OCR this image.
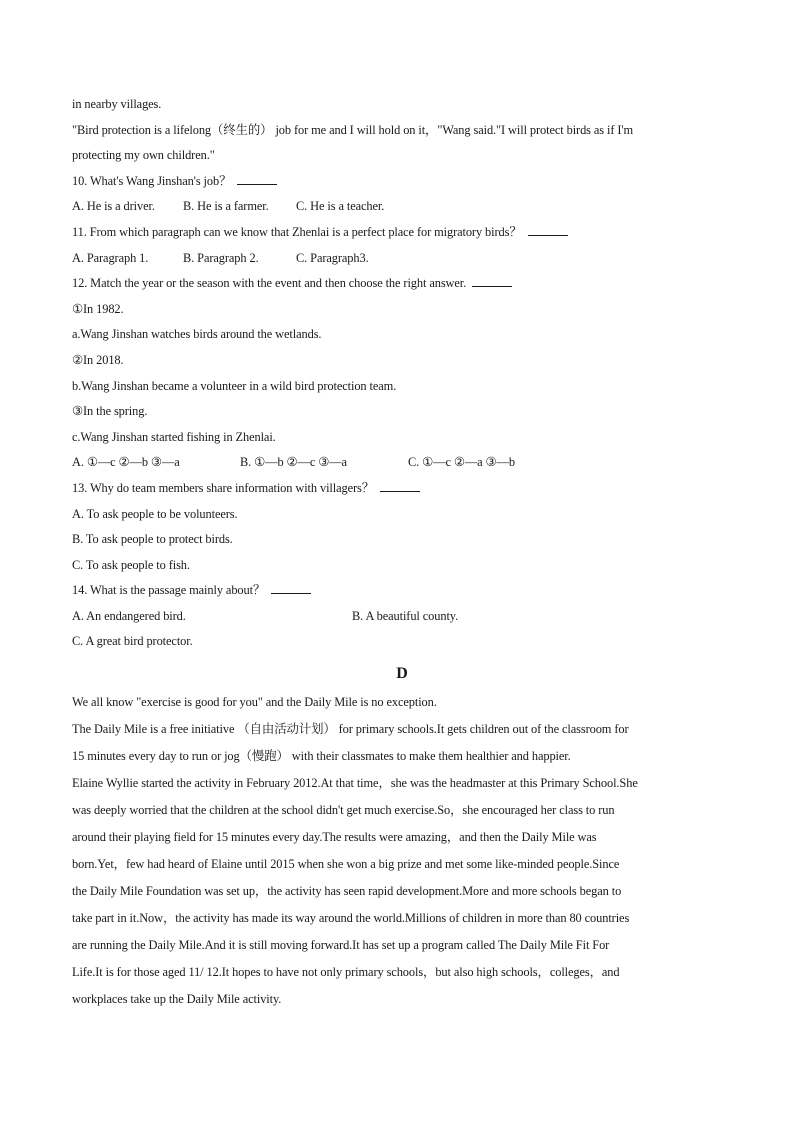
in nearby villages.
"Bird protection is a lifelong（终生的） job for me and I will hold on it，"Wang said."I will protect birds as if I'm
protecting my own children."
10. What's Wang Jinshan's job？
A. He is a driver.	B. He is a farmer.	C. He is a teacher.
11. From which paragraph can we know that Zhenlai is a perfect place for migratory birds？
A. Paragraph 1.	B. Paragraph 2.	C. Paragraph3.
12. Match the year or the season with the event and then choose the right answer.
①In 1982.
a.Wang Jinshan watches birds around the wetlands.
②In 2018.
b.Wang Jinshan became a volunteer in a wild bird protection team.
③In the spring.
c.Wang Jinshan started fishing in Zhenlai.
A. ①—c ②—b ③—a	B. ①—b ②—c ③—a	C. ①—c ②—a ③—b
13. Why do team members share information with villagers？
A. To ask people to be volunteers.
B. To ask people to protect birds.
C. To ask people to fish.
14. What is the passage mainly about？
A. An endangered bird.	B. A beautiful county.
C. A great bird protector.
D
We all know "exercise is good for you" and the Daily Mile is no exception.
The Daily Mile is a free initiative （自由活动计划） for primary schools.It gets children out of the classroom for
15 minutes every day to run or jog（慢跑） with their classmates to make them healthier and happier.
Elaine Wyllie started the activity in February 2012.At that time，she was the headmaster at this Primary School.She
was deeply worried that the children at the school didn't get much exercise.So，she encouraged her class to run
around their playing field for 15 minutes every day.The results were amazing，and then the Daily Mile was
born.Yet，few had heard of Elaine until 2015 when she won a big prize and met some like-minded people.Since
the Daily Mile Foundation was set up，the activity has seen rapid development.More and more schools began to
take part in it.Now，the activity has made its way around the world.Millions of children in more than 80 countries
are running the Daily Mile.And it is still moving forward.It has set up a program called The Daily Mile Fit For
Life.It is for those aged 11/ 12.It hopes to have not only primary schools，but also high schools，colleges，and
workplaces take up the Daily Mile activity.
